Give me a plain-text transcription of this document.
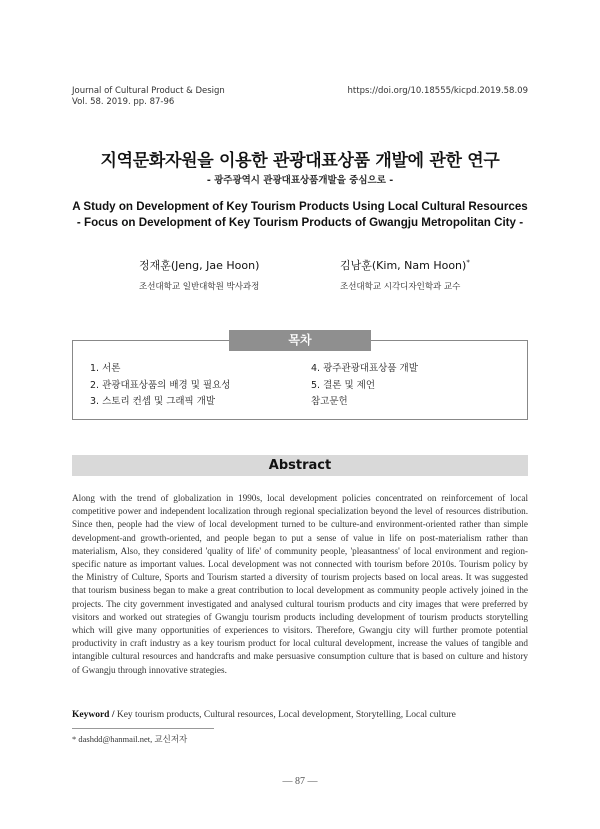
Journal of Cultural Product & Design
Vol. 58. 2019. pp. 87-96
https://doi.org/10.18555/kicpd.2019.58.09
지역문화자원을 이용한 관광대표상품 개발에 관한 연구
- 광주광역시 관광대표상품개발을 중심으로 -
A Study on Development of Key Tourism Products Using Local Cultural Resources
- Focus on Development of Key Tourism Products of Gwangju Metropolitan City -
정재훈(Jeng, Jae Hoon)
조선대학교 일반대학원 박사과정
김남훈(Kim, Nam Hoon)*
조선대학교 시각디자인학과 교수
목차
1. 서론
2. 관광대표상품의 배경 및 필요성
3. 스토리 컨셉 및 그래픽 개발
4. 광주관광대표상품 개발
5. 결론 및 제언
참고문헌
Abstract

Along with the trend of globalization in 1990s, local development policies concentrated on reinforcement of local competitive power and independent localization through regional specialization beyond the level of resources distribution. Since then, people had the view of local development turned to be culture-and environment-oriented rather than simple development-and growth-oriented, and people began to put a sense of value in life on post-materialism rather than materialism, Also, they considered 'quality of life' of community people, 'pleasantness' of local environment and region-specific nature as important values. Local development was not connected with tourism before 2010s. Tourism policy by the Ministry of Culture, Sports and Tourism started a diversity of tourism projects based on local areas. It was suggested that tourism business began to make a great contribution to local development as community people actively joined in the projects. The city government investigated and analysed cultural tourism products and city images that were preferred by visitors and worked out strategies of Gwangju tourism products including development of tourism products storytelling which will give many opportunities of experiences to visitors. Therefore, Gwangju city will further promote potential productivity in craft industry as a key tourism product for local cultural development, increase the values of tangible and intangible cultural resources and handcrafts and make persuasive consumption culture that is based on culture and history of Gwangju through innovative strategies.

Keyword / Key tourism products, Cultural resources, Local development, Storytelling, Local culture
* dashdd@hanmail.net, 교신저자
— 87 —
